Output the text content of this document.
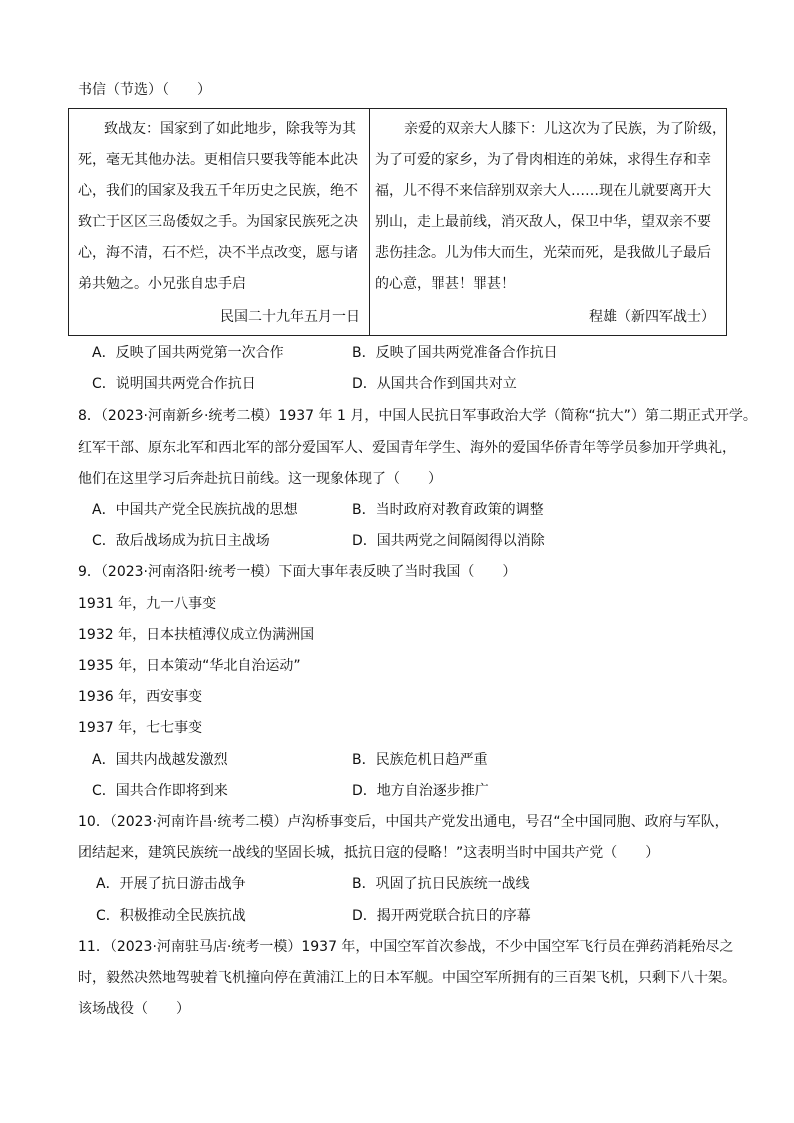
书信（节选）（　　）
致战友：国家到了如此地步，除我等为其
死，毫无其他办法。更相信只要我等能本此决
心，我们的国家及我五千年历史之民族，绝不
致亡于区区三岛倭奴之手。为国家民族死之决
心，海不清，石不烂，决不半点改变，愿与诸
弟共勉之。小兄张自忠手启
民国二十九年五月一日
亲爱的双亲大人膝下：儿这次为了民族，为了阶级，
为了可爱的家乡，为了骨肉相连的弟妹，求得生存和幸
福，儿不得不来信辞别双亲大人……现在儿就要离开大
别山，走上最前线，消灭敌人，保卫中华，望双亲不要
悲伤挂念。儿为伟大而生，光荣而死，是我做儿子最后
的心意，罪甚！罪甚！
程雄（新四军战士）
A．反映了国共两党第一次合作	B．反映了国共两党准备合作抗日
C．说明国共两党合作抗日	D．从国共合作到国共对立
8．（2023·河南新乡·统考二模）1937 年 1 月，中国人民抗日军事政治大学（简称“抗大”）第二期正式开学。
红军干部、原东北军和西北军的部分爱国军人、爱国青年学生、海外的爱国华侨青年等学员参加开学典礼，
他们在这里学习后奔赴抗日前线。这一现象体现了（　　）
A．中国共产党全民族抗战的思想	B．当时政府对教育政策的调整
C．敌后战场成为抗日主战场	D．国共两党之间隔阂得以消除
9．（2023·河南洛阳·统考一模）下面大事年表反映了当时我国（　　）
1931 年，九一八事变
1932 年，日本扶植溥仪成立伪满洲国
1935 年，日本策动“华北自治运动”
1936 年，西安事变
1937 年，七七事变
A．国共内战越发激烈	B．民族危机日趋严重
C．国共合作即将到来	D．地方自治逐步推广
10．（2023·河南许昌·统考二模）卢沟桥事变后，中国共产党发出通电，号召“全中国同胞、政府与军队，
团结起来，建筑民族统一战线的坚固长城，抵抗日寇的侵略！”这表明当时中国共产党（　　）
A．开展了抗日游击战争	B．巩固了抗日民族统一战线
C．积极推动全民族抗战	D．揭开两党联合抗日的序幕
11．（2023·河南驻马店·统考一模）1937 年，中国空军首次参战，不少中国空军飞行员在弹药消耗殆尽之
时，毅然决然地驾驶着飞机撞向停在黄浦江上的日本军舰。中国空军所拥有的三百架飞机，只剩下八十架。
该场战役（　　）
